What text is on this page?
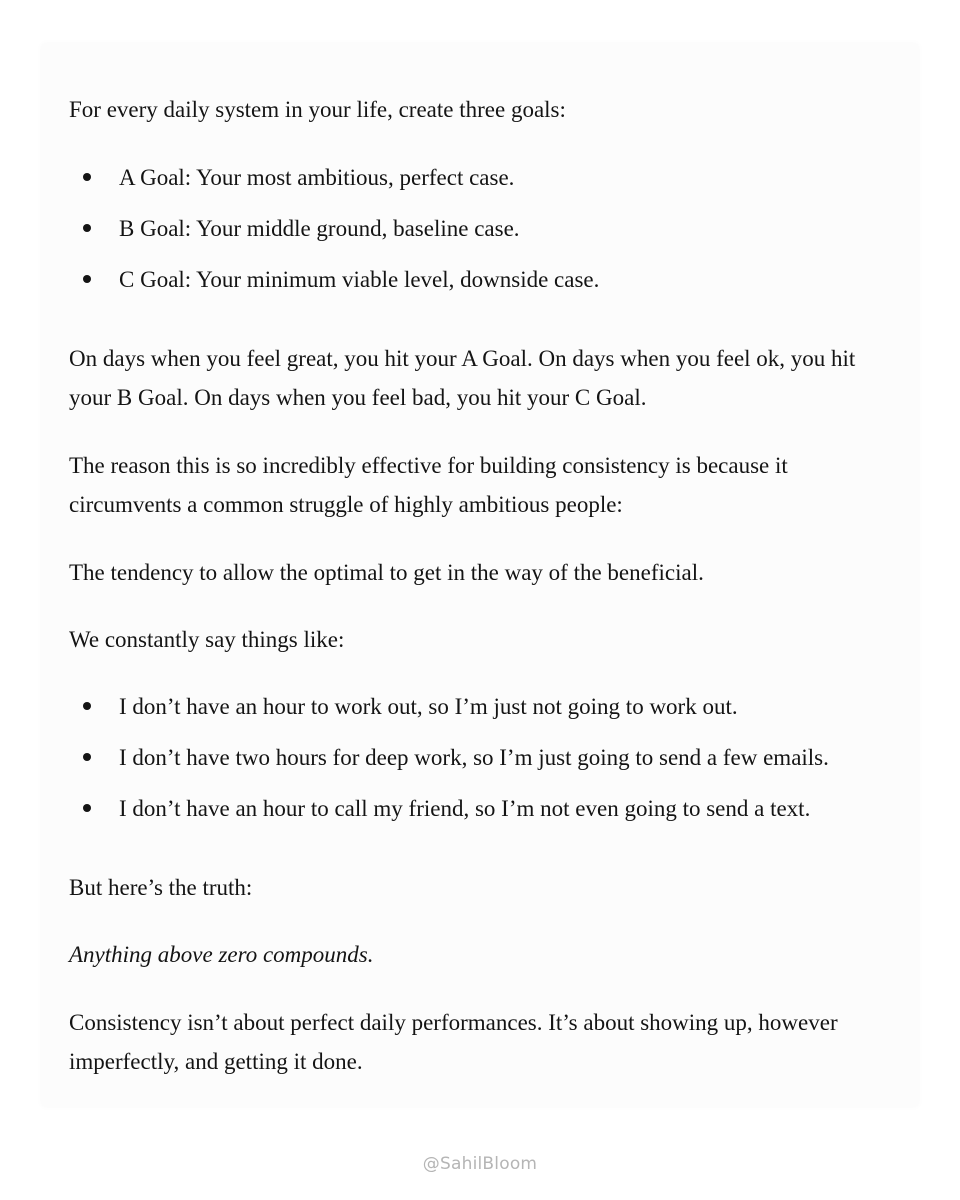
For every daily system in your life, create three goals:

A Goal: Your most ambitious, perfect case.
B Goal: Your middle ground, baseline case.
C Goal: Your minimum viable level, downside case.

On days when you feel great, you hit your A Goal. On days when you feel ok, you hit your B Goal. On days when you feel bad, you hit your C Goal.

The reason this is so incredibly effective for building consistency is because it circumvents a common struggle of highly ambitious people:

The tendency to allow the optimal to get in the way of the beneficial.

We constantly say things like:

I don’t have an hour to work out, so I’m just not going to work out.
I don’t have two hours for deep work, so I’m just going to send a few emails.
I don’t have an hour to call my friend, so I’m not even going to send a text.

But here’s the truth:

Anything above zero compounds.

Consistency isn’t about perfect daily performances. It’s about showing up, however imperfectly, and getting it done.

@SahilBloom
